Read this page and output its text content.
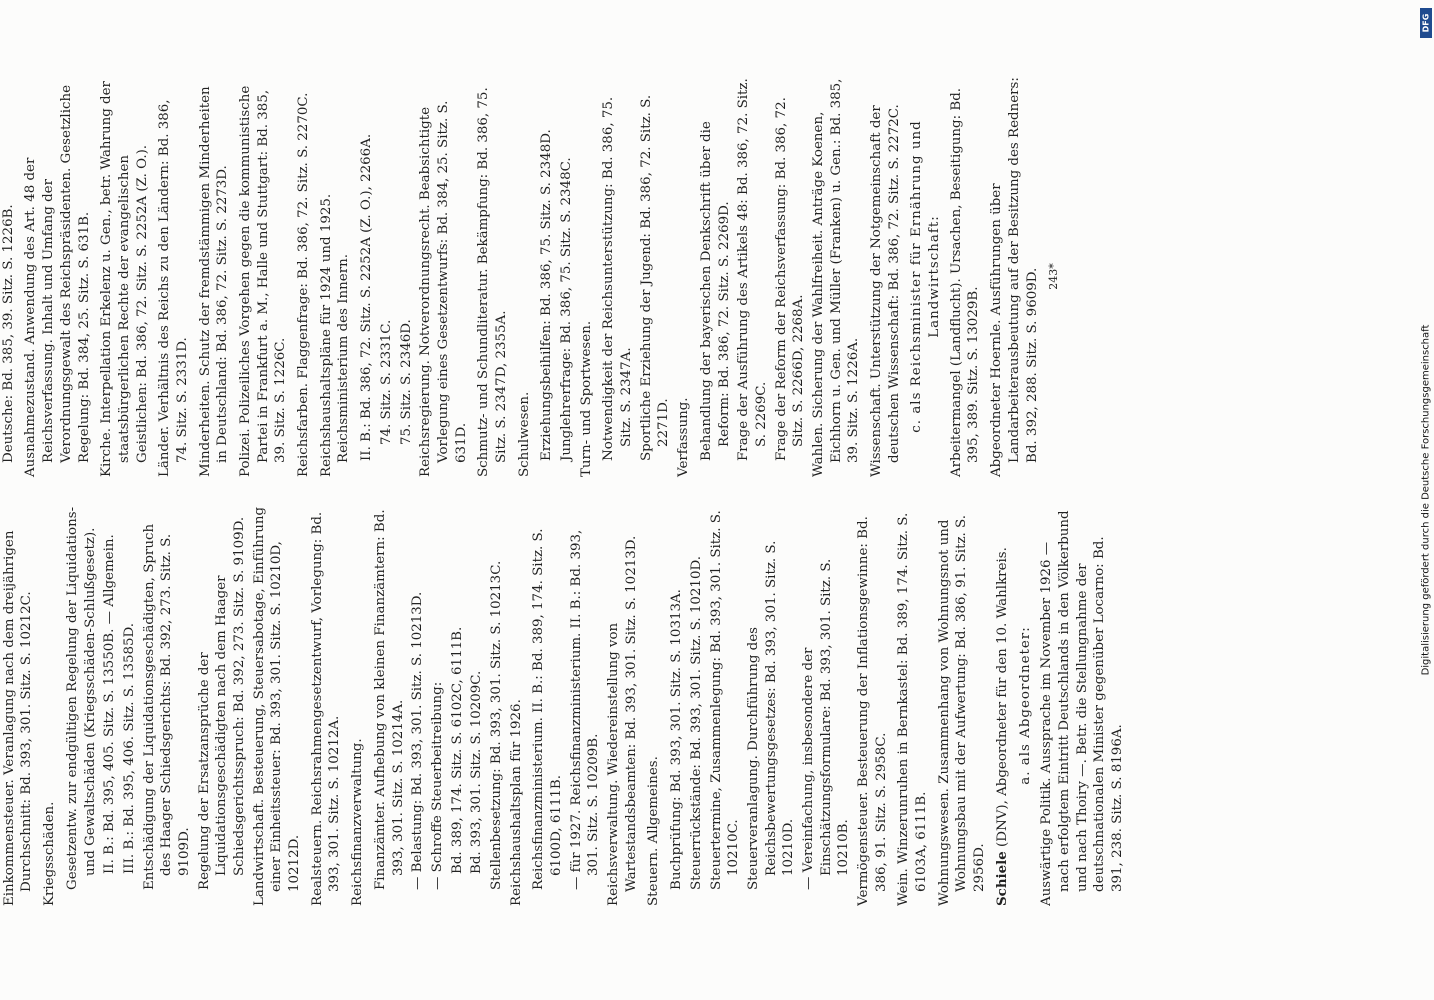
Einkommensteuer. Veranlagung nach dem dreijährigen Durchschnitt: Bd. 393, 301. Sitz. S. 10212C. Kriegsschäden. Gesetzentw. zur endgültigen Regelung der Liquidations- und Gewaltschäden (Kriegsschäden-Schlußgesetz). II. B.: Bd. 395, 405. Sitz. S. 13550B. — Allgemein. III. B.: Bd. 395, 406. Sitz. S. 13585D. Entschädigung der Liquidationsgeschädigten, Spruch des Haager Schiedsgerichts: Bd. 392, 273. Sitz. S. 9109D. Regelung der Ersatzansprüche der Liquidationsgeschädigten nach dem Haager Schiedsgerichtsspruch: Bd. 392, 273. Sitz. S. 9109D. Landwirtschaft. Besteuerung, Steuersabotage, Einführung einer Einheitssteuer: Bd. 393, 301. Sitz. S. 10210D, 10212D. Realsteuern. Reichsrahmengesetzentwurf, Vorlegung: Bd. 393, 301. Sitz. S. 10212A. Reichsfinanzverwaltung. Finanzämter. Aufhebung von kleinen Finanzämtern: Bd. 393, 301. Sitz. S. 10214A. — Belastung: Bd. 393, 301. Sitz. S. 10213D. — Schroffe Steuerbeitreibung: Bd. 389, 174. Sitz. S. 6102C, 6111B. Bd. 393, 301. Sitz. S. 10209C. Stellenbesetzung: Bd. 393, 301. Sitz. S. 10213C. Reichshaushaltsplan für 1926. Reichsfinanzministerium. II. B.: Bd. 389, 174. Sitz. S. 6100D, 6111B. — für 1927. Reichsfinanzministerium. II. B.: Bd. 393, 301. Sitz. S. 10209B. Reichsverwaltung. Wiedereinstellung von Wartestandsbeamten: Bd. 393, 301. Sitz. S. 10213D. Steuern. Allgemeines. Buchprüfung: Bd. 393, 301. Sitz. S. 10313A. Steuerrückstände: Bd. 393, 301. Sitz. S. 10210D. Steuertermine, Zusammenlegung: Bd. 393, 301. Sitz. S. 10210C. Steuerveranlagung. Durchführung des Reichsbewertungsgesetzes: Bd. 393, 301. Sitz. S. 10210D. — Vereinfachung, insbesondere der Einschätzungsformulare: Bd. 393, 301. Sitz. S. 10210B. Vermögensteuer. Besteuerung der Inflationsgewinne: Bd. 386, 91. Sitz. S. 2958C. Wein. Winzerunruhen in Bernkastel: Bd. 389, 174. Sitz. S. 6103A, 6111B. Wohnungswesen. Zusammenhang von Wohnungsnot und Wohnungsbau mit der Aufwertung: Bd. 386, 91. Sitz. S. 2956D. Schiele (DNV), Abgeordneter für den 10. Wahlkreis. a. als Abgeordneter: Auswärtige Politik. Aussprache im November 1926 — nach erfolgtem Eintritt Deutschlands in den Völkerbund und nach Thoiry —. Betr. die Stellungnahme der deutschnationalen Minister gegenüber Locarno: Bd. 391, 238. Sitz. S. 8196A.
Deutsche: Bd. 385, 39. Sitz. S. 1226B. Ausnahmezustand. Anwendung des Art. 48 der Reichsverfassung. Inhalt und Umfang der Verordnungsgewalt des Reichspräsidenten. Gesetzliche Regelung: Bd. 384, 25. Sitz. S. 631B. Kirche. Interpellation Erkelenz u. Gen., betr. Wahrung der staatsbürgerlichen Rechte der evangelischen Geistlichen: Bd. 386, 72. Sitz. S. 2252A (Z. O.). Länder. Verhältnis des Reichs zu den Ländern: Bd. 386, 74. Sitz. S. 2331D. Minderheiten. Schutz der fremdstämmigen Minderheiten in Deutschland: Bd. 386, 72. Sitz. S. 2273D. Polizei. Polizeiliches Vorgehen gegen die kommunistische Partei in Frankfurt a. M., Halle und Stuttgart: Bd. 385, 39. Sitz. S. 1226C. Reichsfarben. Flaggenfrage: Bd. 386, 72. Sitz. S. 2270C. Reichshaushaltspläne für 1924 und 1925. Reichsministerium des Innern. II. B.: Bd. 386, 72. Sitz. S. 2252A (Z. O.), 2266A. 74. Sitz. S. 2331C. 75. Sitz. S. 2346D. Reichsregierung. Notverordnungsrecht. Beabsichtigte Vorlegung eines Gesetzentwurfs: Bd. 384, 25. Sitz. S. 631D. Schmutz- und Schundliteratur. Bekämpfung: Bd. 386, 75. Sitz. S. 2347D, 2355A. Schulwesen. Erziehungsbeihilfen: Bd. 386, 75. Sitz. S. 2348D. Junglehrerfrage: Bd. 386, 75. Sitz. S. 2348C. Turn- und Sportwesen. Notwendigkeit der Reichsunterstützung: Bd. 386, 75. Sitz. S. 2347A. Sportliche Erziehung der Jugend: Bd. 386, 72. Sitz. S. 2271D. Verfassung. Behandlung der bayerischen Denkschrift über die Reform: Bd. 386, 72. Sitz. S. 2269D. Frage der Ausführung des Artikels 48: Bd. 386, 72. Sitz. S. 2269C. Frage der Reform der Reichsverfassung: Bd. 386, 72. Sitz. S. 2266D, 2268A. Wahlen. Sicherung der Wahlfreiheit. Anträge Koenen, Eichhorn u. Gen. und Müller (Franken) u. Gen.: Bd. 385, 39. Sitz. S. 1226A. Wissenschaft. Unterstützung der Notgemeinschaft der deutschen Wissenschaft: Bd. 386, 72. Sitz. S. 2272C. c. als Reichsminister für Ernährung und Landwirtschaft: Arbeitermangel (Landflucht). Ursachen, Beseitigung: Bd. 395, 389. Sitz. S. 13029B. Abgeordneter Hoernle. Ausführungen über Landarbeiterausbeutung auf der Besitzung des Redners: Bd. 392, 288. Sitz. S. 9609D. 243*
DFG
Digitalisierung gefördert durch die Deutsche Forschungsgemeinschaft
